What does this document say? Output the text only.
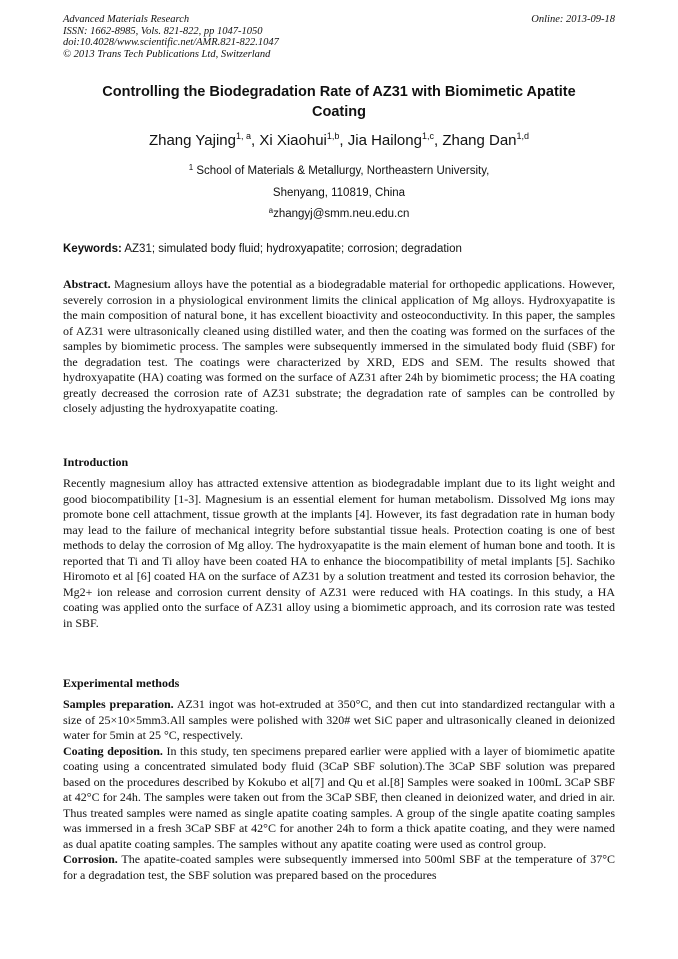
Advanced Materials Research
ISSN: 1662-8985, Vols. 821-822, pp 1047-1050
doi:10.4028/www.scientific.net/AMR.821-822.1047
© 2013 Trans Tech Publications Ltd, Switzerland
Online: 2013-09-18
Controlling the Biodegradation Rate of AZ31 with Biomimetic Apatite
Coating
Zhang Yajing$^{1, a}$, Xi Xiaohui$^{1,b}$, Jia Hailong$^{1,c}$, Zhang Dan$^{1,d}$
$^1$ School of Materials & Metallurgy, Northeastern University,
Shenyang, 110819, China
$^a$zhangyj@smm.neu.edu.cn
Keywords: AZ31; simulated body fluid; hydroxyapatite; corrosion; degradation

Abstract. Magnesium alloys have the potential as a biodegradable material for orthopedic applications. However, severely corrosion in a physiological environment limits the clinical application of Mg alloys. Hydroxyapatite is the main composition of natural bone, it has excellent bioactivity and osteoconductivity. In this paper, the samples of AZ31 were ultrasonically cleaned using distilled water, and then the coating was formed on the surfaces of the samples by biomimetic process. The samples were subsequently immersed in the simulated body fluid (SBF) for the degradation test. The coatings were characterized by XRD, EDS and SEM. The results showed that hydroxyapatite (HA) coating was formed on the surface of AZ31 after 24h by biomimetic process; the HA coating greatly decreased the corrosion rate of AZ31 substrate; the degradation rate of samples can be controlled by closely adjusting the hydroxyapatite coating.

Introduction

Recently magnesium alloy has attracted extensive attention as biodegradable implant due to its light weight and good biocompatibility [1-3]. Magnesium is an essential element for human metabolism. Dissolved Mg ions may promote bone cell attachment, tissue growth at the implants [4]. However, its fast degradation rate in human body may lead to the failure of mechanical integrity before substantial tissue heals. Protection coating is one of best methods to delay the corrosion of Mg alloy. The hydroxyapatite is the main element of human bone and tooth. It is reported that Ti and Ti alloy have been coated HA to enhance the biocompatibility of metal implants [5]. Sachiko Hiromoto et al [6] coated HA on the surface of AZ31 by a solution treatment and tested its corrosion behavior, the Mg2+ ion release and corrosion current density of AZ31 were reduced with HA coatings. In this study, a HA coating was applied onto the surface of AZ31 alloy using a biomimetic approach, and its corrosion rate was tested in SBF.

Experimental methods

Samples preparation. AZ31 ingot was hot-extruded at 350°C, and then cut into standardized rectangular with a size of 25×10×5mm3.All samples were polished with 320# wet SiC paper and ultrasonically cleaned in deionized water for 5min at 25 °C, respectively.

Coating deposition. In this study, ten specimens prepared earlier were applied with a layer of biomimetic apatite coating using a concentrated simulated body fluid (3CaP SBF solution).The 3CaP SBF solution was prepared based on the procedures described by Kokubo et al[7] and Qu et al.[8] Samples were soaked in 100mL 3CaP SBF at 42°C for 24h. The samples were taken out from the 3CaP SBF, then cleaned in deionized water, and dried in air. Thus treated samples were named as single apatite coating samples. A group of the single apatite coating samples was immersed in a fresh 3CaP SBF at 42°C for another 24h to form a thick apatite coating, and they were named as dual apatite coating samples. The samples without any apatite coating were used as control group.

Corrosion. The apatite-coated samples were subsequently immersed into 500ml SBF at the temperature of 37°C for a degradation test, the SBF solution was prepared based on the procedures
